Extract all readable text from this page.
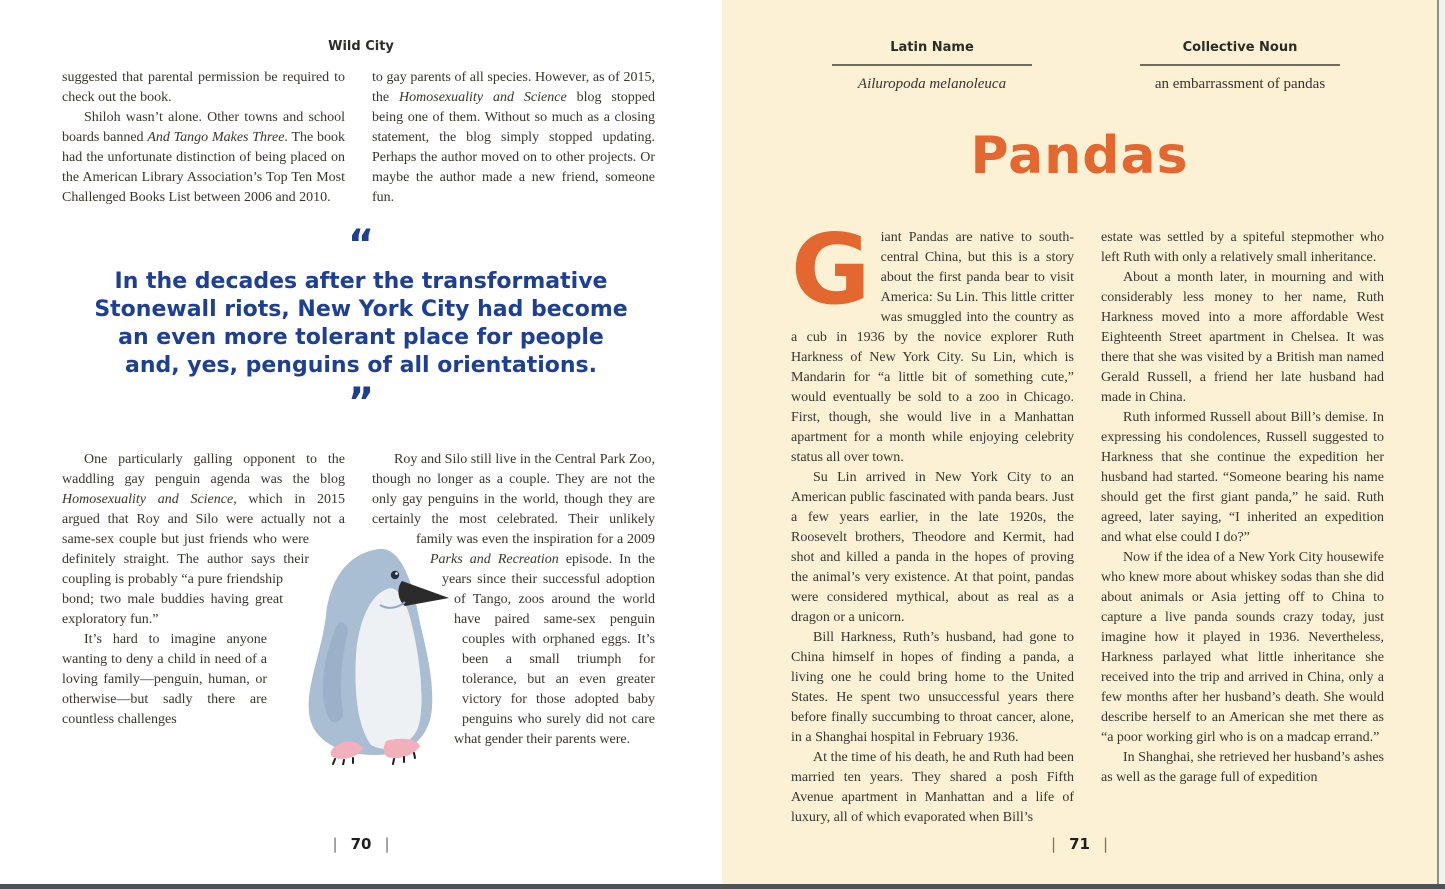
Wild City

suggested that parental permission be required to check out the book.

Shiloh wasn’t alone. Other towns and school boards banned And Tango Makes Three. The book had the unfortunate distinction of being placed on the American Library Association’s Top Ten Most Challenged Books List between 2006 and 2010.

to gay parents of all species. However, as of 2015, the Homosexuality and Science blog stopped being one of them. Without so much as a closing statement, the blog simply stopped updating. Perhaps the author moved on to other projects. Or maybe the author made a new friend, someone fun.

“
In the decades after the transformative Stonewall riots, New York City had become an even more tolerant place for people and, yes, penguins of all orientations.
”

One particularly galling opponent to the waddling gay penguin agenda was the blog Homosexuality and Science, which in 2015 argued that Roy and Silo were actually not a same-sex couple but just friends who were definitely straight. The author says their coupling is probably “a pure friendship bond; two male buddies having great exploratory fun.”

It’s hard to imagine anyone wanting to deny a child in need of a loving family—penguin, human, or otherwise—but sadly there are countless challenges

Roy and Silo still live in the Central Park Zoo, though no longer as a couple. They are not the only gay penguins in the world, though they are certainly the most celebrated. Their unlikely family was even the inspiration for a 2009 Parks and Recreation episode. In the years since their successful adoption of Tango, zoos around the world have paired same-sex penguin couples with orphaned eggs. It’s been a small triumph for tolerance, but an even greater victory for those adopted baby penguins who surely did not care what gender their parents were.

| 70 |
Latin Name
Ailuropoda melanoleuca
Collective Noun
an embarrassment of pandas
Pandas

Giant Pandas are native to south-central China, but this is a story about the first panda bear to visit America: Su Lin. This little critter was smuggled into the country as a cub in 1936 by the novice explorer Ruth Harkness of New York City. Su Lin, which is Mandarin for “a little bit of something cute,” would eventually be sold to a zoo in Chicago. First, though, she would live in a Manhattan apartment for a month while enjoying celebrity status all over town.

Su Lin arrived in New York City to an American public fascinated with panda bears. Just a few years earlier, in the late 1920s, the Roosevelt brothers, Theodore and Kermit, had shot and killed a panda in the hopes of proving the animal’s very existence. At that point, pandas were considered mythical, about as real as a dragon or a unicorn.

Bill Harkness, Ruth’s husband, had gone to China himself in hopes of finding a panda, a living one he could bring home to the United States. He spent two unsuccessful years there before finally succumbing to throat cancer, alone, in a Shanghai hospital in February 1936.

At the time of his death, he and Ruth had been married ten years. They shared a posh Fifth Avenue apartment in Manhattan and a life of luxury, all of which evaporated when Bill’s

estate was settled by a spiteful stepmother who left Ruth with only a relatively small inheritance.

About a month later, in mourning and with considerably less money to her name, Ruth Harkness moved into a more affordable West Eighteenth Street apartment in Chelsea. It was there that she was visited by a British man named Gerald Russell, a friend her late husband had made in China.

Ruth informed Russell about Bill’s demise. In expressing his condolences, Russell suggested to Harkness that she continue the expedition her husband had started. “Someone bearing his name should get the first giant panda,” he said. Ruth agreed, later saying, “I inherited an expedition and what else could I do?”

Now if the idea of a New York City housewife who knew more about whiskey sodas than she did about animals or Asia jetting off to China to capture a live panda sounds crazy today, just imagine how it played in 1936. Nevertheless, Harkness parlayed what little inheritance she received into the trip and arrived in China, only a few months after her husband’s death. She would describe herself to an American she met there as “a poor working girl who is on a madcap errand.”

In Shanghai, she retrieved her husband’s ashes as well as the garage full of expedition

| 71 |
